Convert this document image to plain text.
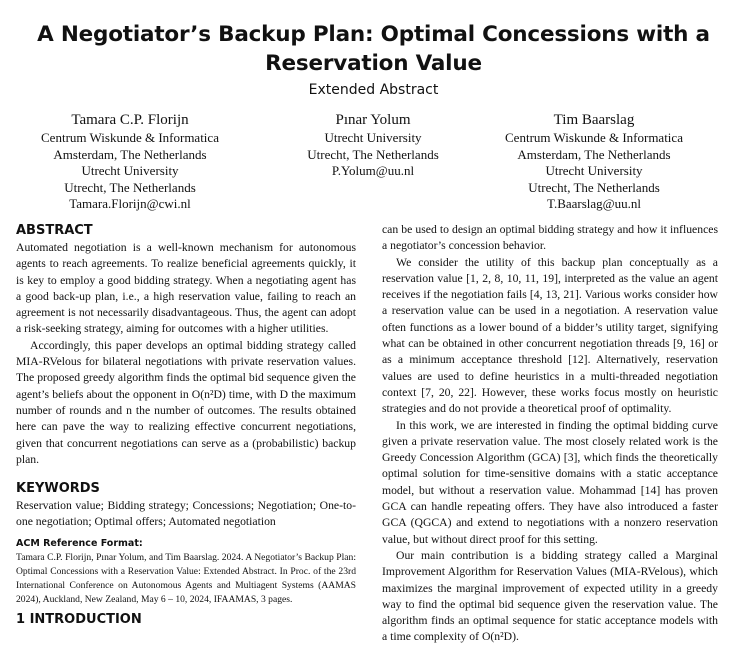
A Negotiator’s Backup Plan: Optimal Concessions with a Reservation Value
Extended Abstract
Tamara C.P. Florijn
Centrum Wiskunde & Informatica
Amsterdam, The Netherlands
Utrecht University
Utrecht, The Netherlands
Tamara.Florijn@cwi.nl
Pınar Yolum
Utrecht University
Utrecht, The Netherlands
P.Yolum@uu.nl
Tim Baarslag
Centrum Wiskunde & Informatica
Amsterdam, The Netherlands
Utrecht University
Utrecht, The Netherlands
T.Baarslag@uu.nl
ABSTRACT

Automated negotiation is a well-known mechanism for autonomous agents to reach agreements. To realize beneficial agreements quickly, it is key to employ a good bidding strategy. When a negotiating agent has a good back-up plan, i.e., a high reservation value, failing to reach an agreement is not necessarily disadvantageous. Thus, the agent can adopt a risk-seeking strategy, aiming for outcomes with a higher utilities.

Accordingly, this paper develops an optimal bidding strategy called MIA-RVelous for bilateral negotiations with private reservation values. The proposed greedy algorithm finds the optimal bid sequence given the agent’s beliefs about the opponent in O(n²D) time, with D the maximum number of rounds and n the number of outcomes. The results obtained here can pave the way to realizing effective concurrent negotiations, given that concurrent negotiations can serve as a (probabilistic) backup plan.

KEYWORDS

Reservation value; Bidding strategy; Concessions; Negotiation; One-to-one negotiation; Optimal offers; Automated negotiation

ACM Reference Format:

Tamara C.P. Florijn, Pınar Yolum, and Tim Baarslag. 2024. A Negotiator’s Backup Plan: Optimal Concessions with a Reservation Value: Extended Abstract. In Proc. of the 23rd International Conference on Autonomous Agents and Multiagent Systems (AAMAS 2024), Auckland, New Zealand, May 6 – 10, 2024, IFAAMAS, 3 pages.

1 INTRODUCTION

can be used to design an optimal bidding strategy and how it influences a negotiator’s concession behavior.

We consider the utility of this backup plan conceptually as a reservation value [1, 2, 8, 10, 11, 19], interpreted as the value an agent receives if the negotiation fails [4, 13, 21]. Various works consider how a reservation value can be used in a negotiation. A reservation value often functions as a lower bound of a bidder’s utility target, signifying what can be obtained in other concurrent negotiation threads [9, 16] or as a minimum acceptance threshold [12]. Alternatively, reservation values are used to define heuristics in a multi-threaded negotiation context [7, 20, 22]. However, these works focus mostly on heuristic strategies and do not provide a theoretical proof of optimality.

In this work, we are interested in finding the optimal bidding curve given a private reservation value. The most closely related work is the Greedy Concession Algorithm (GCA) [3], which finds the theoretically optimal solution for time-sensitive domains with a static acceptance model, but without a reservation value. Mohammad [14] has proven GCA can handle repeating offers. They have also introduced a faster GCA (QGCA) and extend to negotiations with a nonzero reservation value, but without direct proof for this setting.

Our main contribution is a bidding strategy called a Marginal Improvement Algorithm for Reservation Values (MIA-RVelous), which maximizes the marginal improvement of expected utility in a greedy way to find the optimal bid sequence given the reservation value. The algorithm finds an optimal sequence for static acceptance models with a time complexity of O(n²D).
